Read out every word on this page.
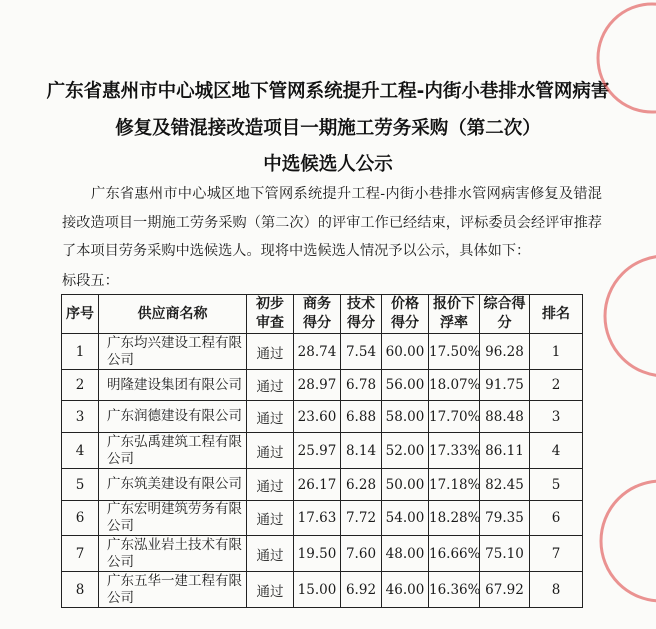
广东省惠州市中心城区地下管网系统提升工程-内街小巷排水管网病害
修复及错混接改造项目一期施工劳务采购（第二次）
中选候选人公示
广东省惠州市中心城区地下管网系统提升工程-内街小巷排水管网病害修复及错混接改造项目一期施工劳务采购（第二次）的评审工作已经结束，评标委员会经评审推荐了本项目劳务采购中选候选人。现将中选候选人情况予以公示，具体如下：
标段五：
序号	供应商名称	初步审查	商务得分	技术得分	价格得分	报价下浮率	综合得分	排名
1	广东均兴建设工程有限公司	通过	28.74	7.54	60.00	17.50%	96.28	1
2	明隆建设集团有限公司	通过	28.97	6.78	56.00	18.07%	91.75	2
3	广东润德建设有限公司	通过	23.60	6.88	58.00	17.70%	88.48	3
4	广东弘禹建筑工程有限公司	通过	25.97	8.14	52.00	17.33%	86.11	4
5	广东筑美建设有限公司	通过	26.17	6.28	50.00	17.18%	82.45	5
6	广东宏明建筑劳务有限公司	通过	17.63	7.72	54.00	18.28%	79.35	6
7	广东泓业岩土技术有限公司	通过	19.50	7.60	48.00	16.66%	75.10	7
8	广东五华一建工程有限公司	通过	15.00	6.92	46.00	16.36%	67.92	8
